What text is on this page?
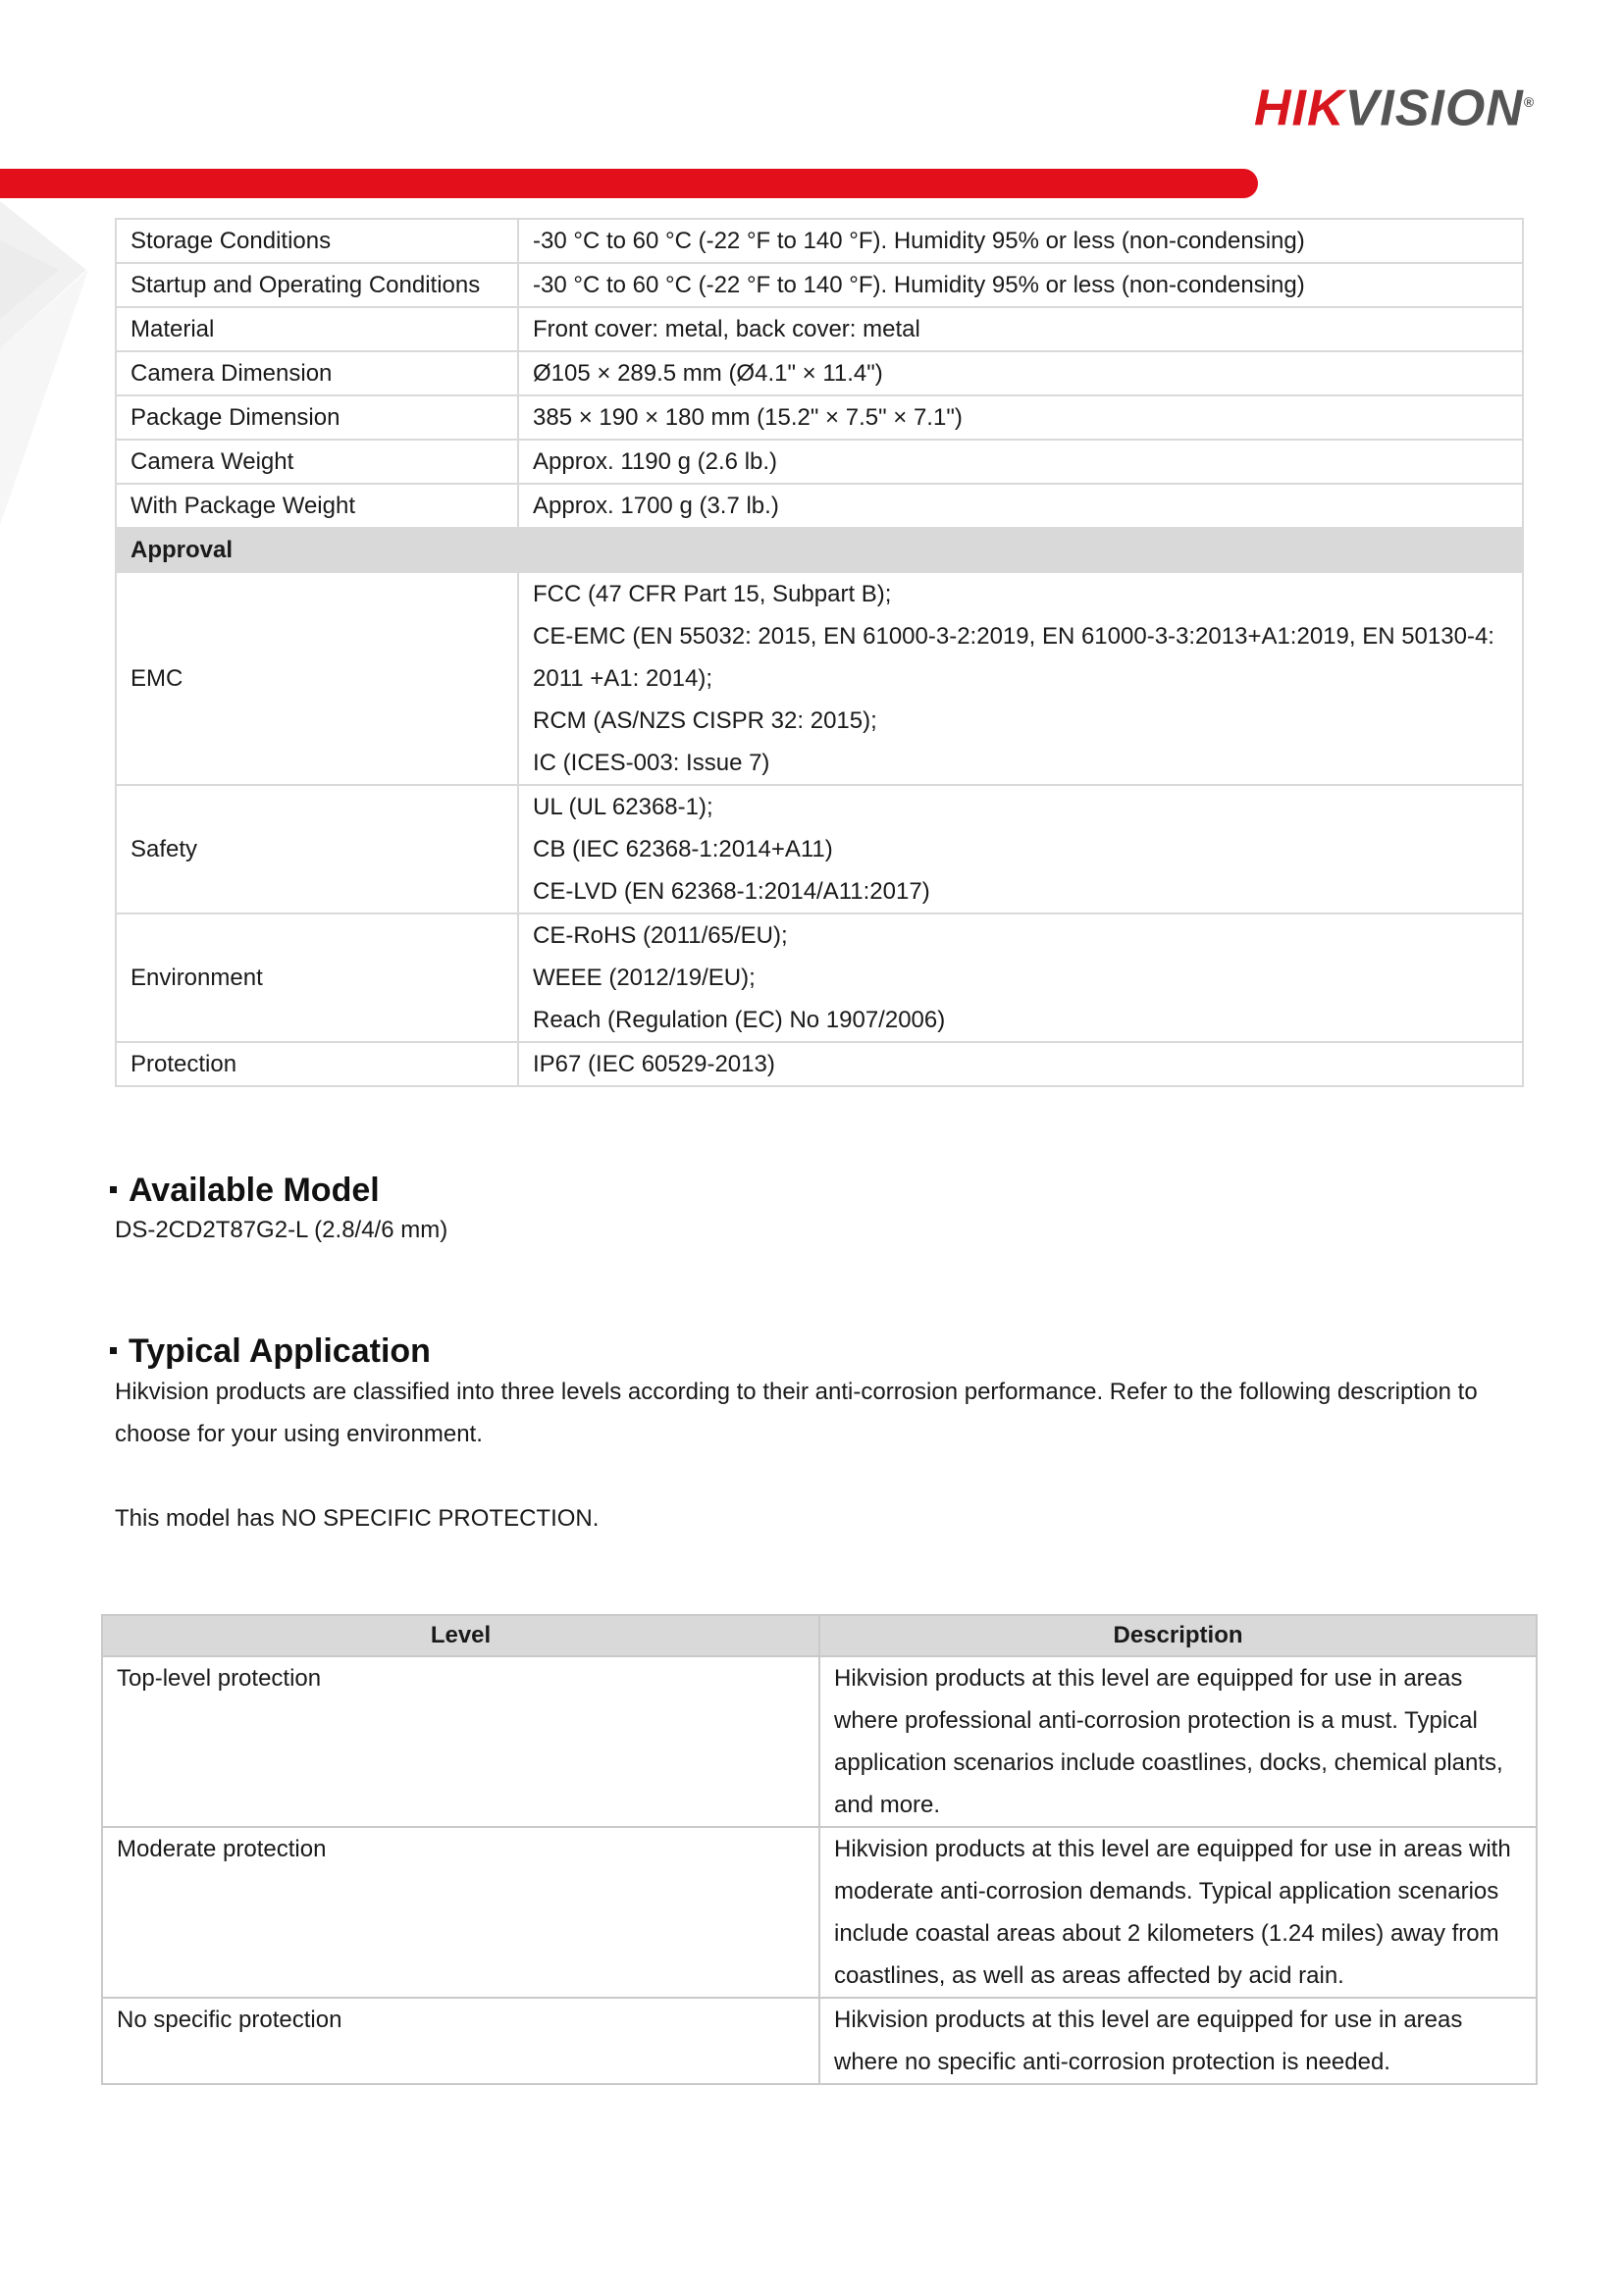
HIKVISION®
Storage Conditions	-30 °C to 60 °C (-22 °F to 140 °F). Humidity 95% or less (non-condensing)
Startup and Operating Conditions	-30 °C to 60 °C (-22 °F to 140 °F). Humidity 95% or less (non-condensing)
Material	Front cover: metal, back cover: metal
Camera Dimension	Ø105 × 289.5 mm (Ø4.1" × 11.4")
Package Dimension	385 × 190 × 180 mm (15.2" × 7.5" × 7.1")
Camera Weight	Approx. 1190 g (2.6 lb.)
With Package Weight	Approx. 1700 g (3.7 lb.)
Approval	
EMC	FCC (47 CFR Part 15, Subpart B);
CE-EMC (EN 55032: 2015, EN 61000-3-2:2019, EN 61000-3-3:2013+A1:2019, EN 50130-4: 2011 +A1: 2014);
RCM (AS/NZS CISPR 32: 2015);
IC (ICES-003: Issue 7)

Safety	UL (UL 62368-1);
CB (IEC 62368-1:2014+A11)
CE-LVD (EN 62368-1:2014/A11:2017)

Environment	CE-RoHS (2011/65/EU);
WEEE (2012/19/EU);
Reach (Regulation (EC) No 1907/2006)

Protection	IP67 (IEC 60529-2013)
Available Model
DS-2CD2T87G2-L (2.8/4/6 mm)
Typical Application
Hikvision products are classified into three levels according to their anti-corrosion performance. Refer to the following description to choose for your using environment.
This model has NO SPECIFIC PROTECTION.
Level	Description
Top-level protection	Hikvision products at this level are equipped for use in areas where professional anti-corrosion protection is a must. Typical application scenarios include coastlines, docks, chemical plants, and more.
Moderate protection	Hikvision products at this level are equipped for use in areas with moderate anti-corrosion demands. Typical application scenarios include coastal areas about 2 kilometers (1.24 miles) away from coastlines, as well as areas affected by acid rain.
No specific protection	Hikvision products at this level are equipped for use in areas where no specific anti-corrosion protection is needed.
